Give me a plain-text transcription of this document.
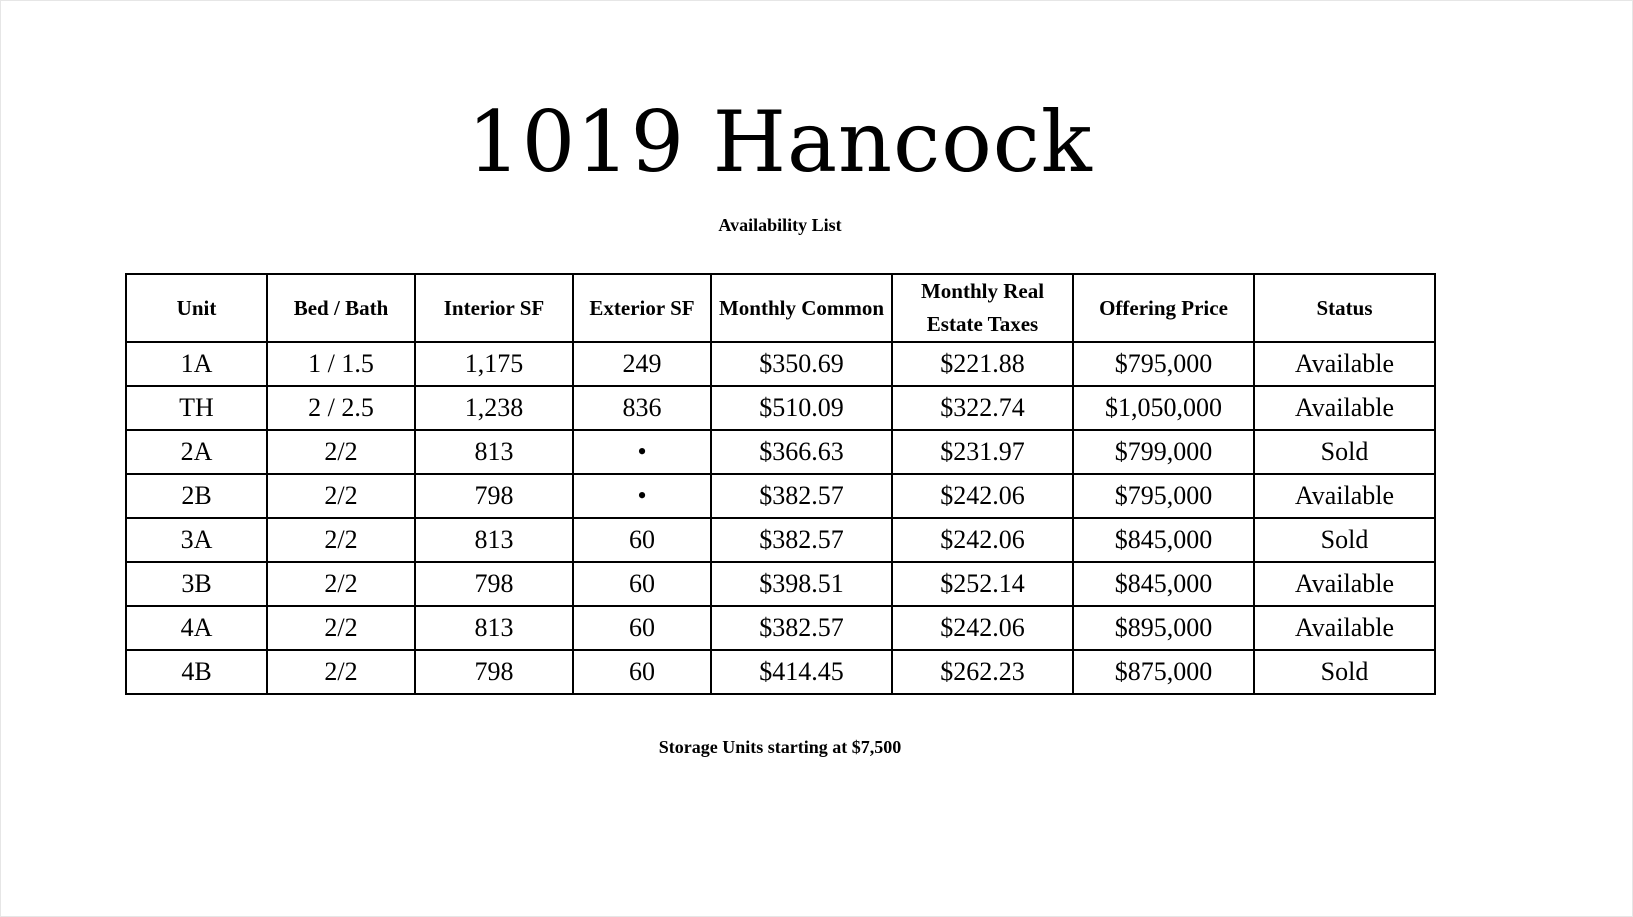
1019 Hancock
Availability List
Unit	Bed / Bath	Interior SF	Exterior SF	Monthly Common	Monthly Real Estate Taxes	Offering Price	Status
1A	1 / 1.5	1,175	249	$350.69	$221.88	$795,000	Available
TH	2 / 2.5	1,238	836	$510.09	$322.74	$1,050,000	Available
2A	2/2	813	•	$366.63	$231.97	$799,000	Sold
2B	2/2	798	•	$382.57	$242.06	$795,000	Available
3A	2/2	813	60	$382.57	$242.06	$845,000	Sold
3B	2/2	798	60	$398.51	$252.14	$845,000	Available
4A	2/2	813	60	$382.57	$242.06	$895,000	Available
4B	2/2	798	60	$414.45	$262.23	$875,000	Sold
Storage Units starting at $7,500
